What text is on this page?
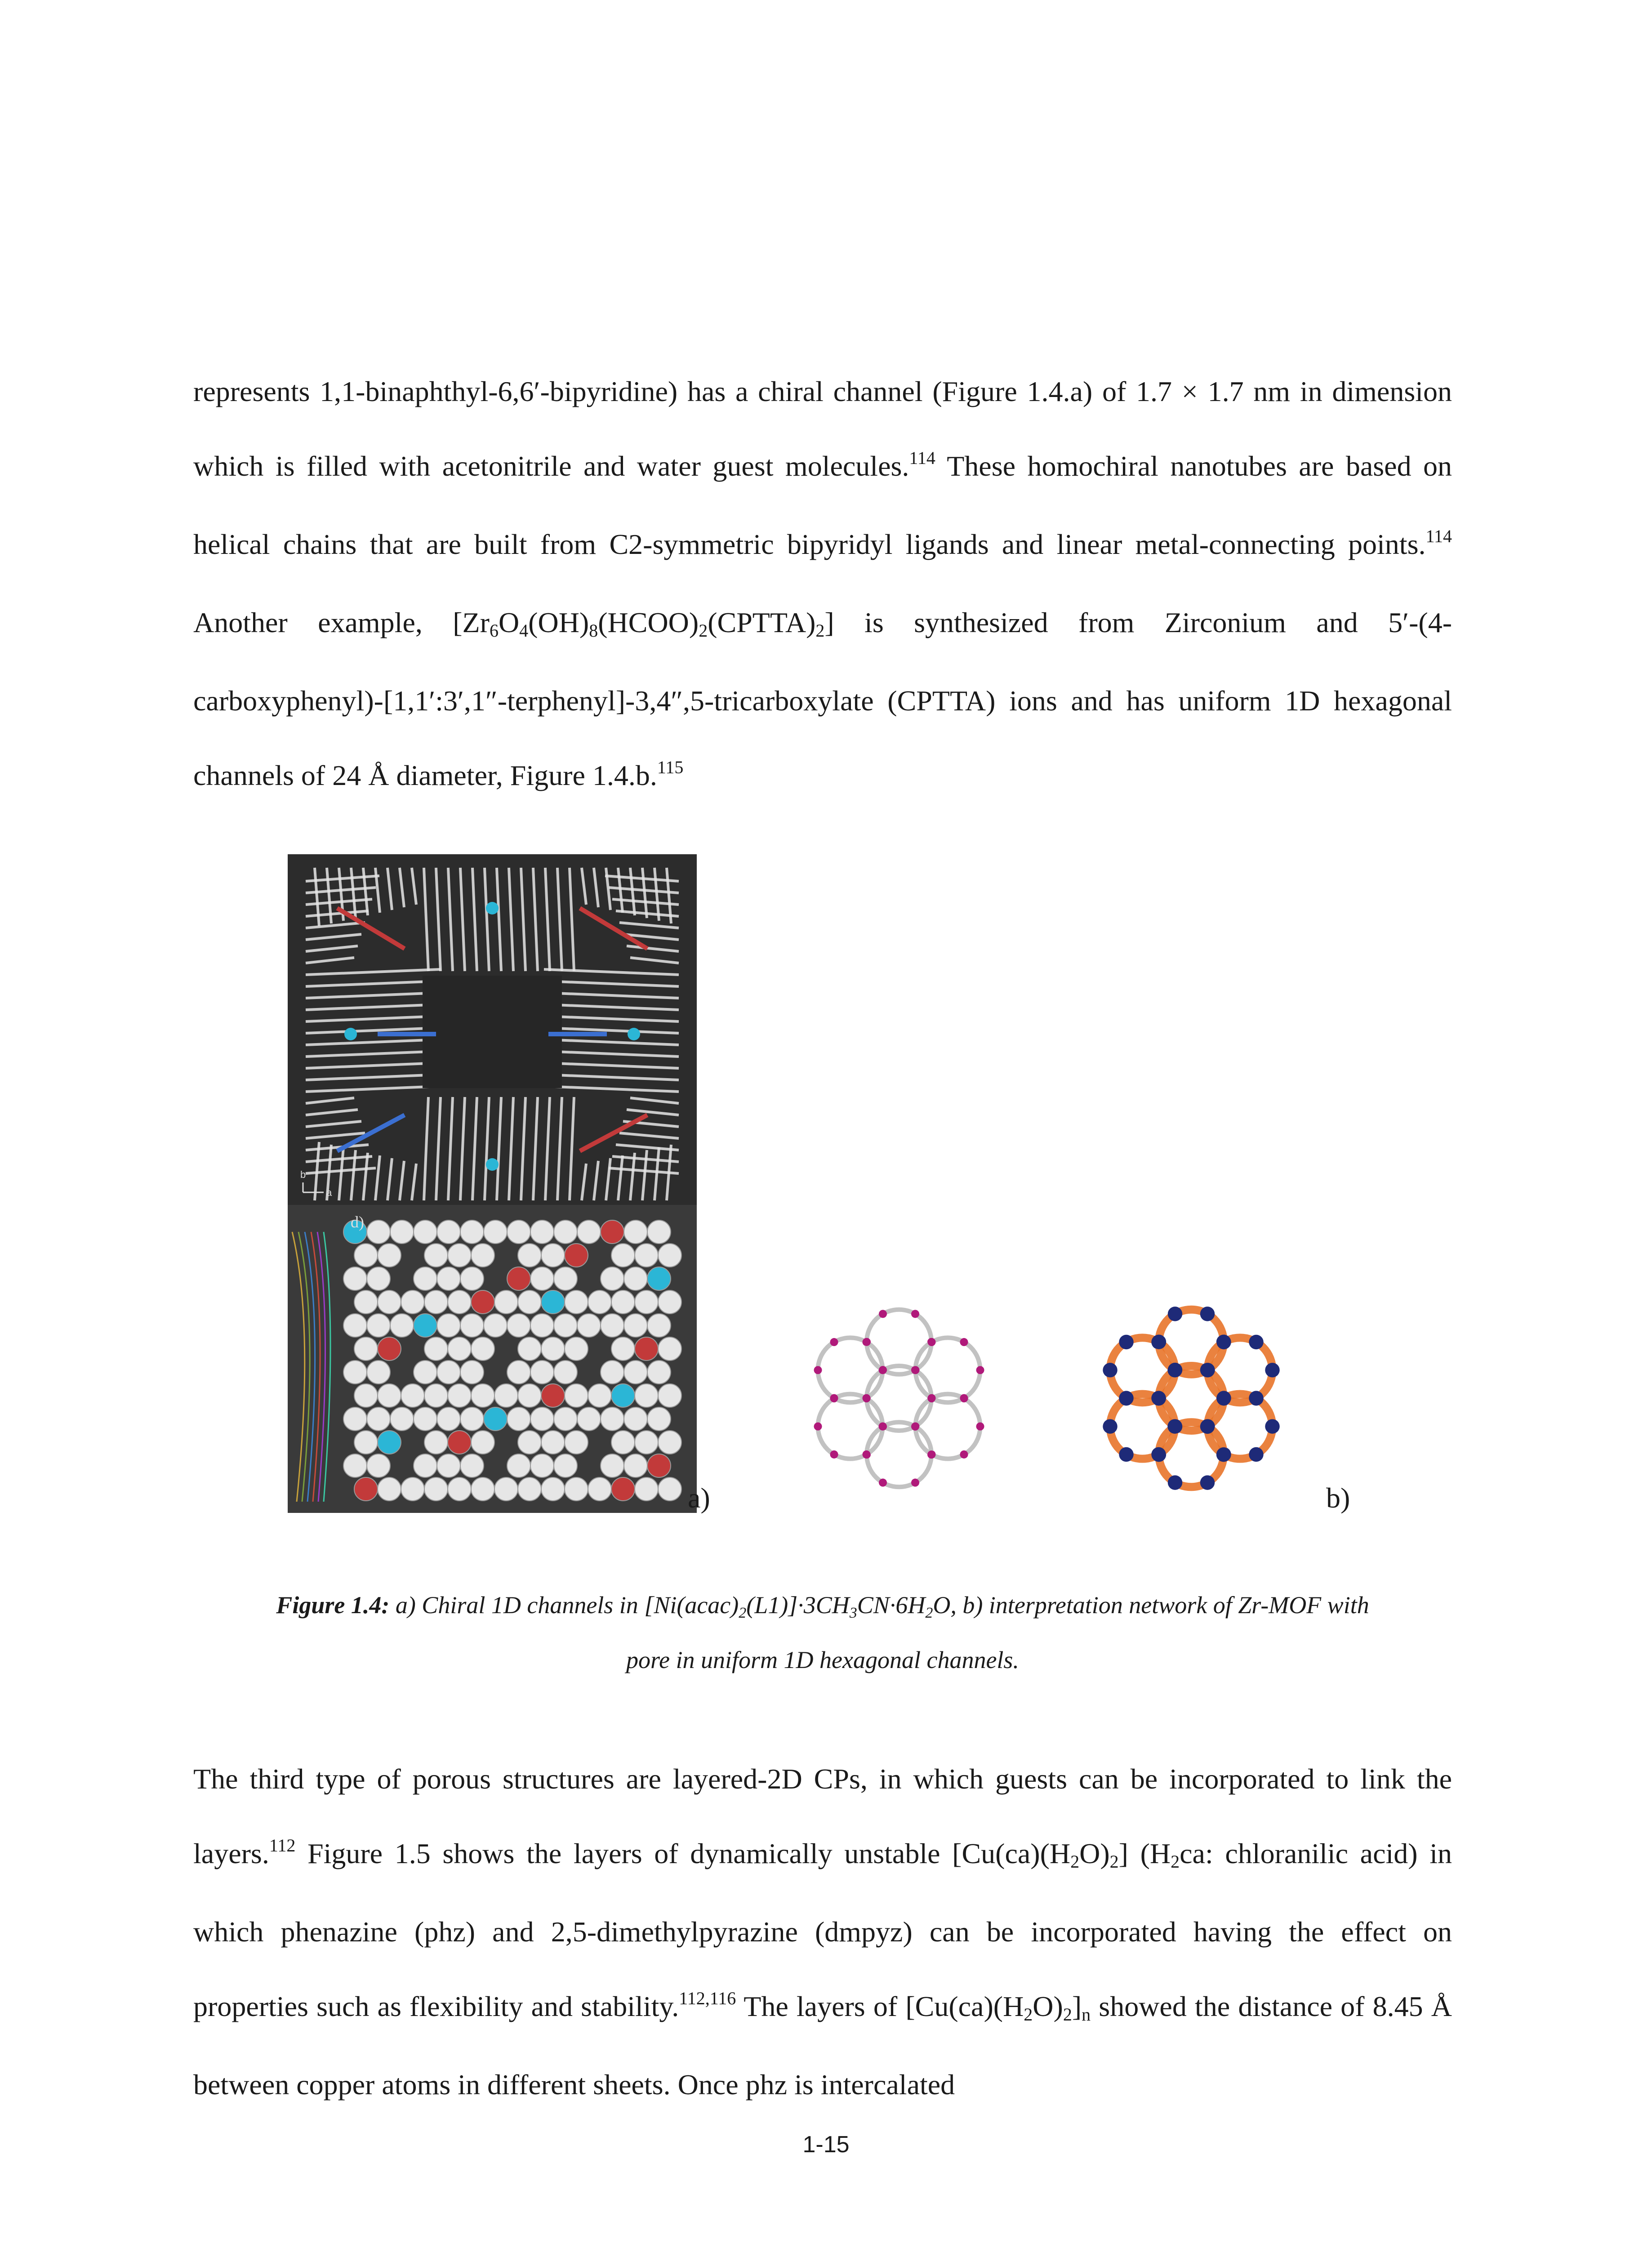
represents 1,1-binaphthyl-6,6′-bipyridine) has a chiral channel (Figure 1.4.a) of 1.7 × 1.7 nm in dimension which is filled with acetonitrile and water guest molecules.$^{114}$ These homochiral nanotubes are based on helical chains that are built from C2-symmetric bipyridyl ligands and linear metal-connecting points.$^{114}$ Another example, $[Zr_6O_4(OH)_8(HCOO)_2(CPTTA)_2]$ is synthesized from Zirconium and 5′-(4-carboxyphenyl)-[1,1′:3′,1″-terphenyl]-3,4″,5-tricarboxylate (CPTTA) ions and has uniform 1D hexagonal channels of 24 Å diameter, Figure 1.4.b.$^{115}$

d)
b
a
a)	b)

Figure 1.4: a) Chiral 1D channels in $[Ni(acac)_2(L1)]\cdot 3CH_3CN\cdot 6H_2O$, b) interpretation network of Zr-MOF with

pore in uniform 1D hexagonal channels.

The third type of porous structures are layered-2D CPs, in which guests can be incorporated to link the layers.$^{112}$ Figure 1.5 shows the layers of dynamically unstable $[Cu(ca)(H_2O)_2]$ ($H_2ca$: chloranilic acid) in which phenazine (phz) and 2,5-dimethylpyrazine (dmpyz) can be incorporated having the effect on properties such as flexibility and stability.$^{112,116}$ The layers of $[Cu(ca)(H_2O)_2]_n$ showed the distance of 8.45 Å between copper atoms in different sheets. Once phz is intercalated

1-15
